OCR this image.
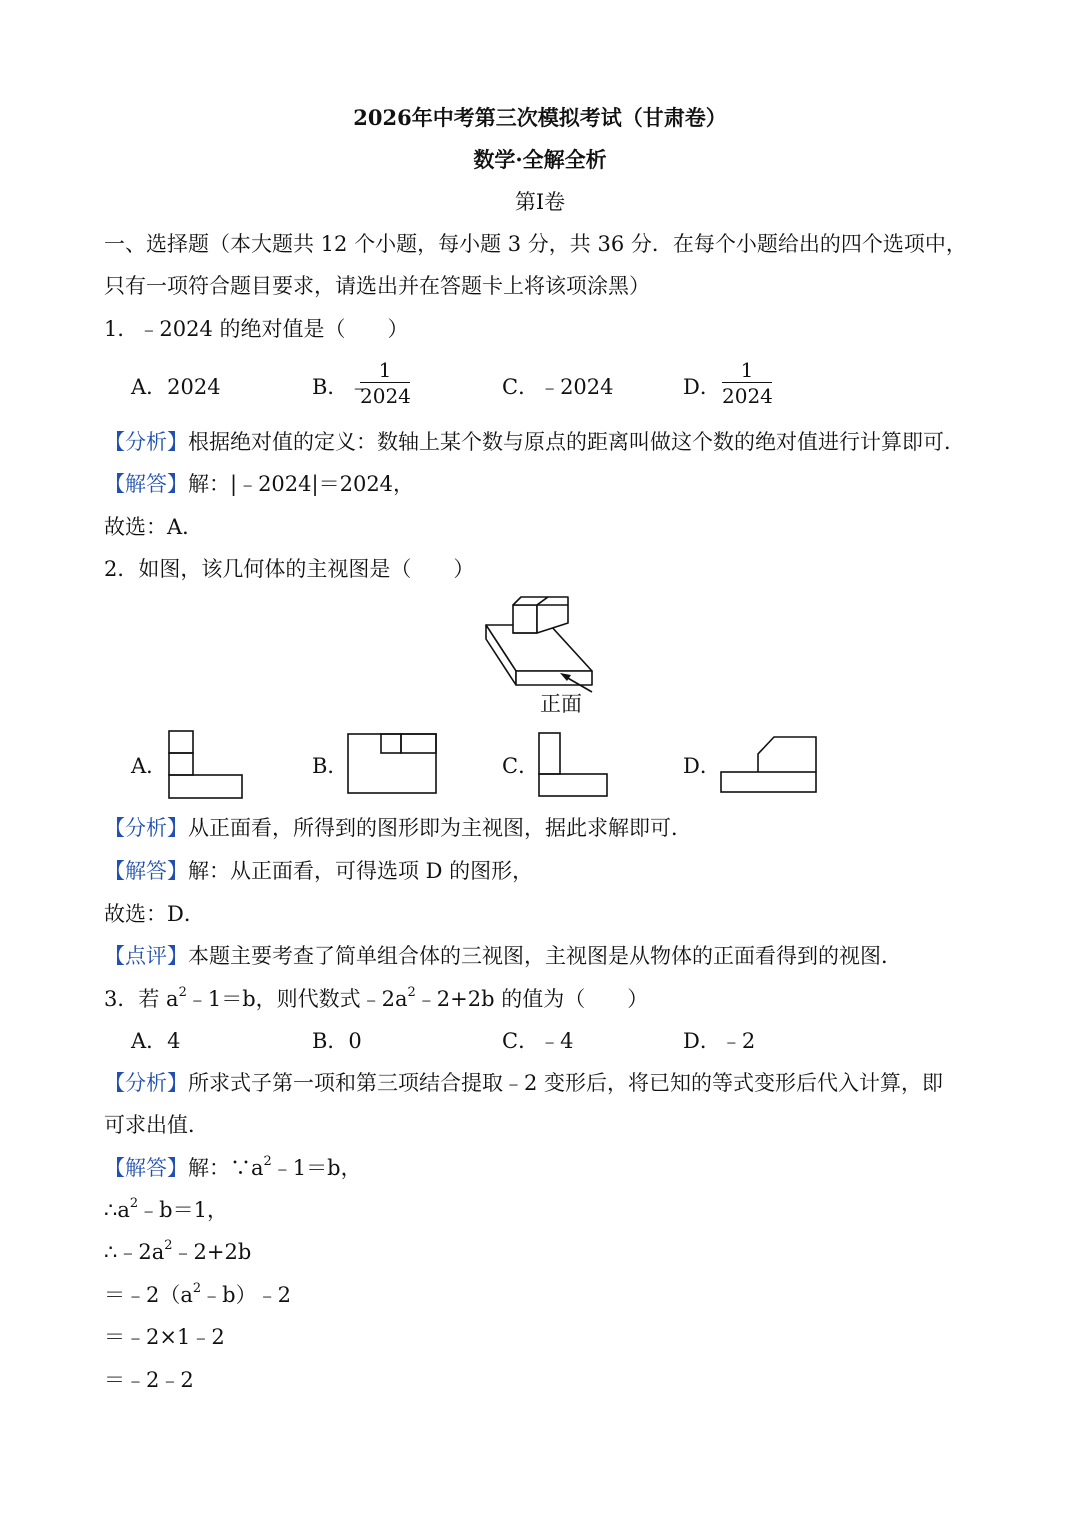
2026年中考第三次模拟考试（甘肃卷）
数学·全解全析
第Ⅰ卷
一、选择题（本大题共 12 个小题，每小题 3 分，共 36 分．在每个小题给出的四个选项中，
只有一项符合题目要求，请选出并在答题卡上将该项涂黑）
1．﹣2024 的绝对值是（　　）
A．2024	B．﹣
1
2024	C．﹣2024	D．
1
2024
【分析】根据绝对值的定义：数轴上某个数与原点的距离叫做这个数的绝对值进行计算即可．
【解答】解：|﹣2024|＝2024，
故选：A．
2．如图，该几何体的主视图是（　　）
正面
A．	B．	C．	D．
【分析】从正面看，所得到的图形即为主视图，据此求解即可．
【解答】解：从正面看，可得选项 D 的图形，
故选：D．
【点评】本题主要考查了简单组合体的三视图，主视图是从物体的正面看得到的视图．
3．若 $a^2﹣1=b$，则代数式$﹣2a^2﹣2+2b$ 的值为（　　）
A．4	B．0	C．﹣4	D．﹣2
【分析】所求式子第一项和第三项结合提取﹣2 变形后，将已知的等式变形后代入计算，即
可求出值．
【解答】解：$\because a^2﹣1=b$，
$\therefore a^2﹣b=1$，
$\therefore﹣2a^2﹣2+2b$
$=﹣2(a^2﹣b)﹣2$
＝﹣2×1﹣2
＝﹣2﹣2
